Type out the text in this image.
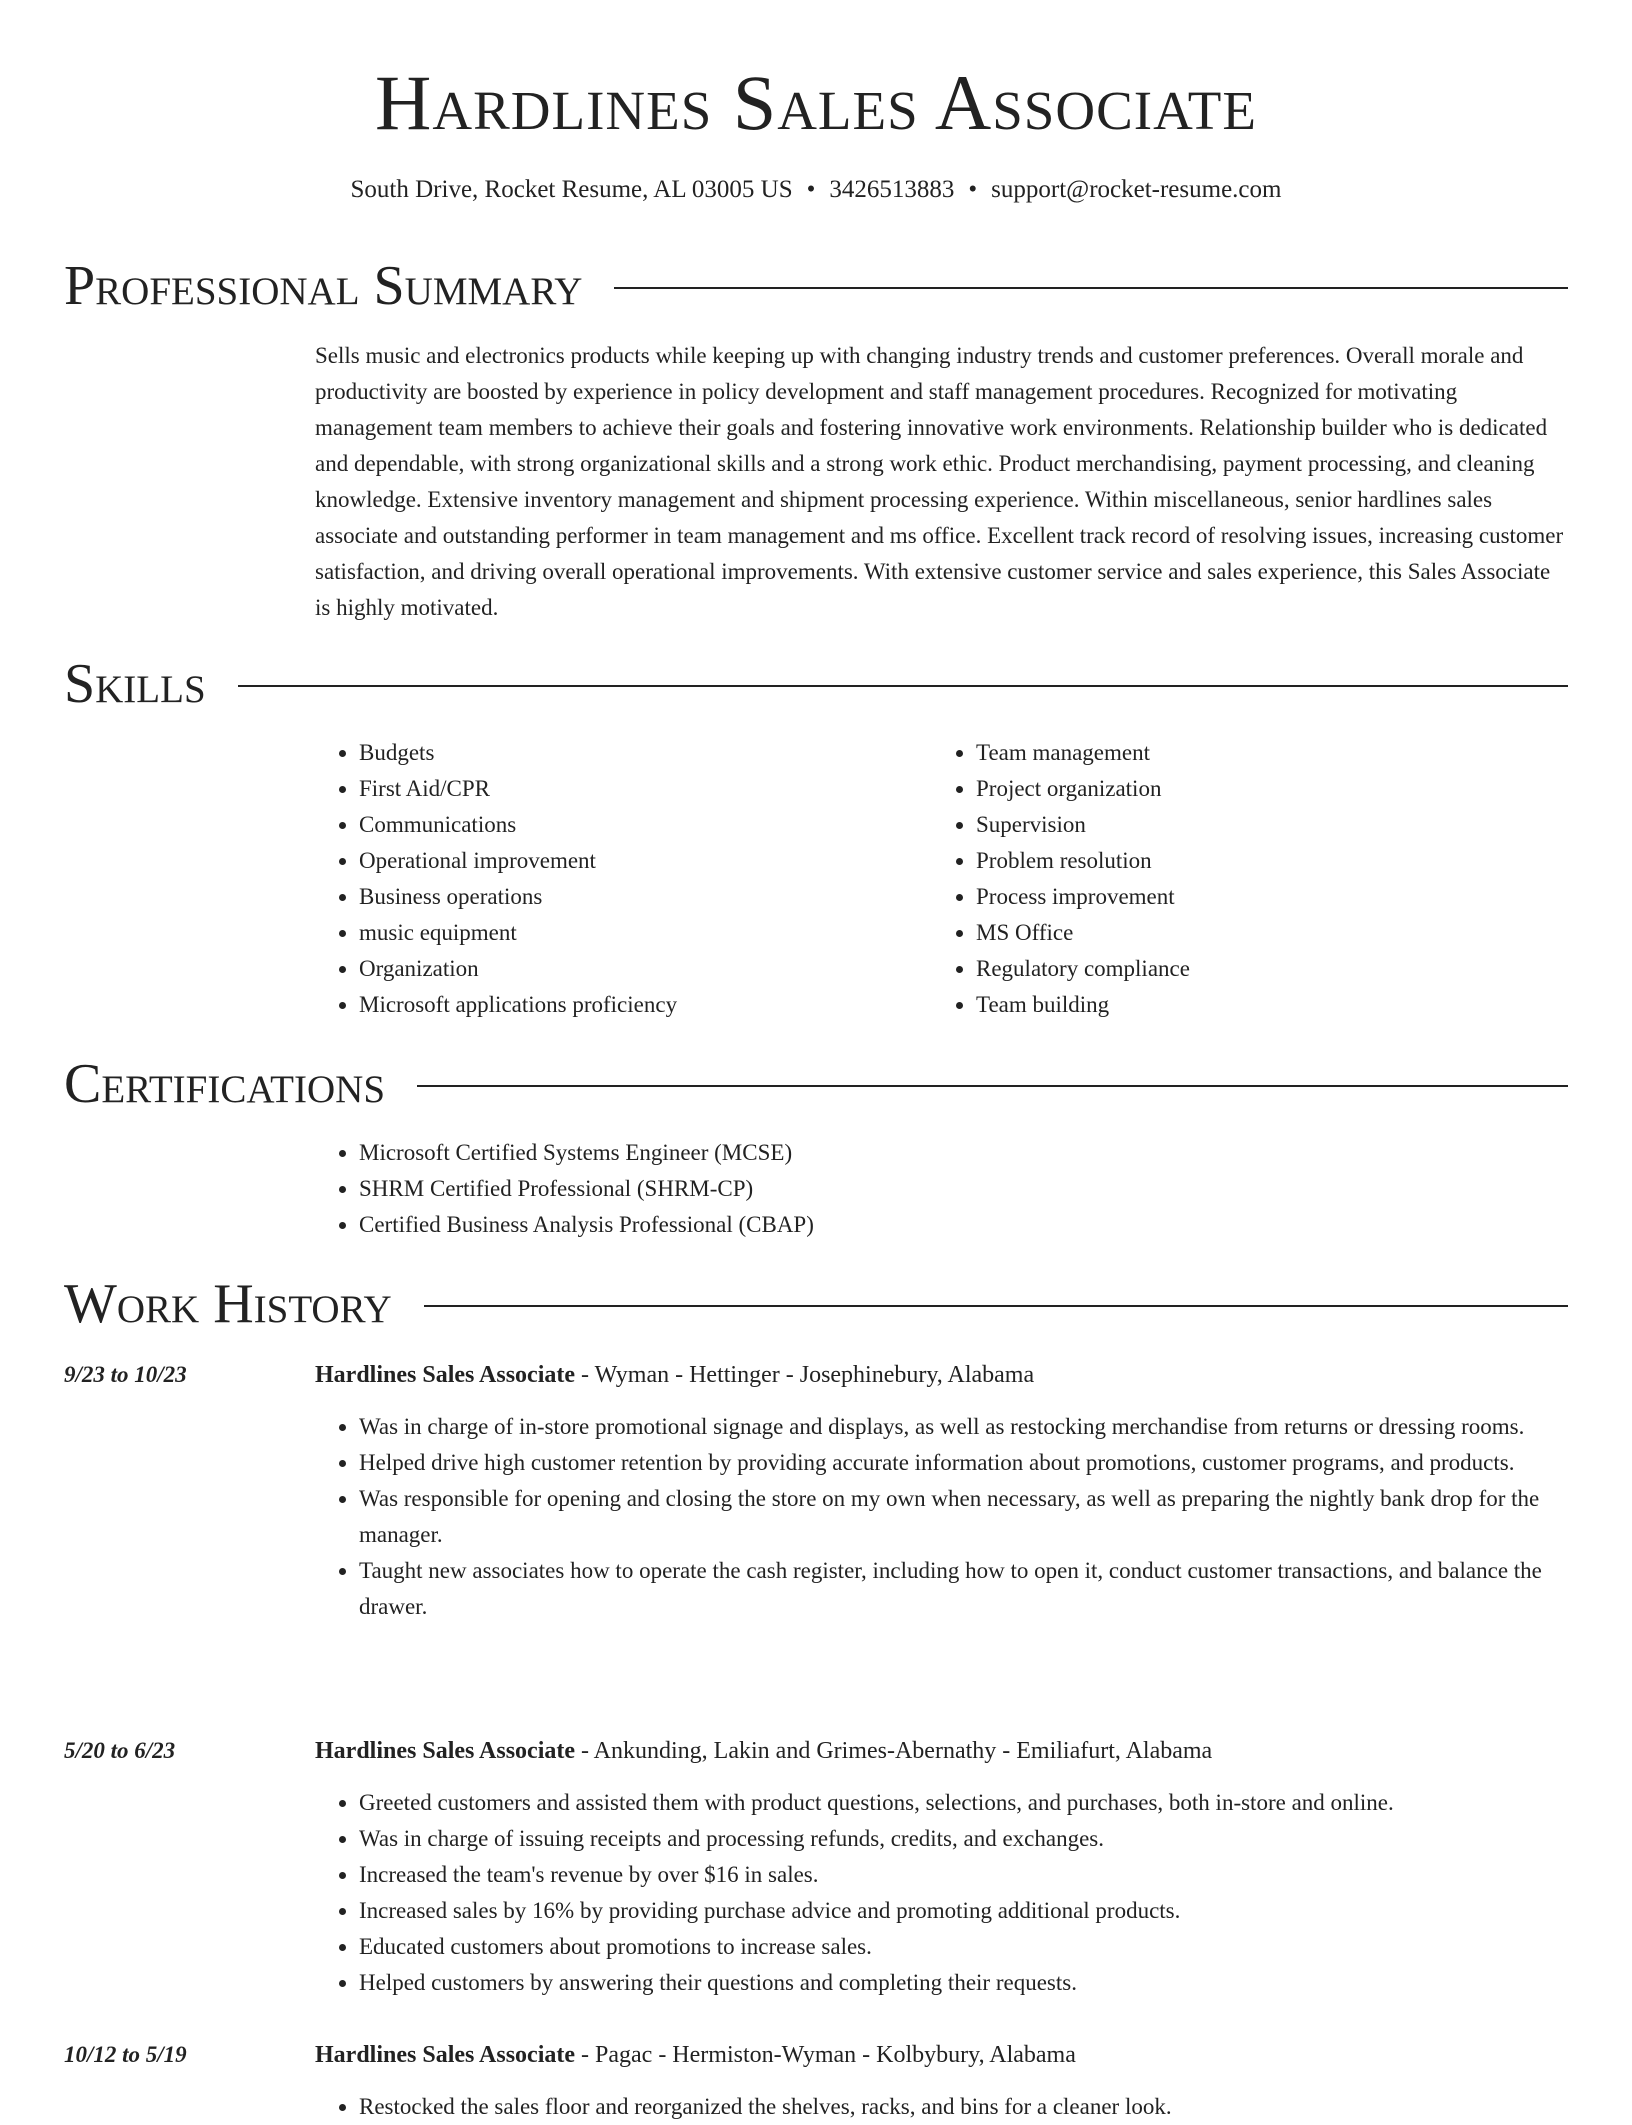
Hardlines Sales Associate
South Drive, Rocket Resume, AL 03005 US • 3426513883 • support@rocket-resume.com
Professional Summary

Sells music and electronics products while keeping up with changing industry trends and customer preferences. Overall morale and productivity are boosted by experience in policy development and staff management procedures. Recognized for motivating management team members to achieve their goals and fostering innovative work environments. Relationship builder who is dedicated and dependable, with strong organizational skills and a strong work ethic. Product merchandising, payment processing, and cleaning knowledge. Extensive inventory management and shipment processing experience. Within miscellaneous, senior hardlines sales associate and outstanding performer in team management and ms office. Excellent track record of resolving issues, increasing customer satisfaction, and driving overall operational improvements. With extensive customer service and sales experience, this Sales Associate is highly motivated.

Skills
• Budgets
• First Aid/CPR
• Communications
• Operational improvement
• Business operations
• music equipment
• Organization
• Microsoft applications proficiency
• Team management
• Project organization
• Supervision
• Problem resolution
• Process improvement
• MS Office
• Regulatory compliance
• Team building
Certifications
• Microsoft Certified Systems Engineer (MCSE)
• SHRM Certified Professional (SHRM-CP)
• Certified Business Analysis Professional (CBAP)
Work History
9/23 to 10/23	Hardlines Sales Associate - Wyman - Hettinger - Josephinebury, Alabama
• Was in charge of in-store promotional signage and displays, as well as restocking merchandise from returns or dressing rooms.
• Helped drive high customer retention by providing accurate information about promotions, customer programs, and products.
• Was responsible for opening and closing the store on my own when necessary, as well as preparing the nightly bank drop for the manager.
• Taught new associates how to operate the cash register, including how to open it, conduct customer transactions, and balance the drawer.
5/20 to 6/23	Hardlines Sales Associate - Ankunding, Lakin and Grimes-Abernathy - Emiliafurt, Alabama
• Greeted customers and assisted them with product questions, selections, and purchases, both in-store and online.
• Was in charge of issuing receipts and processing refunds, credits, and exchanges.
• Increased the team's revenue by over $16 in sales.
• Increased sales by 16% by providing purchase advice and promoting additional products.
• Educated customers about promotions to increase sales.
• Helped customers by answering their questions and completing their requests.
10/12 to 5/19	Hardlines Sales Associate - Pagac - Hermiston-Wyman - Kolbybury, Alabama
• Restocked the sales floor and reorganized the shelves, racks, and bins for a cleaner look.
